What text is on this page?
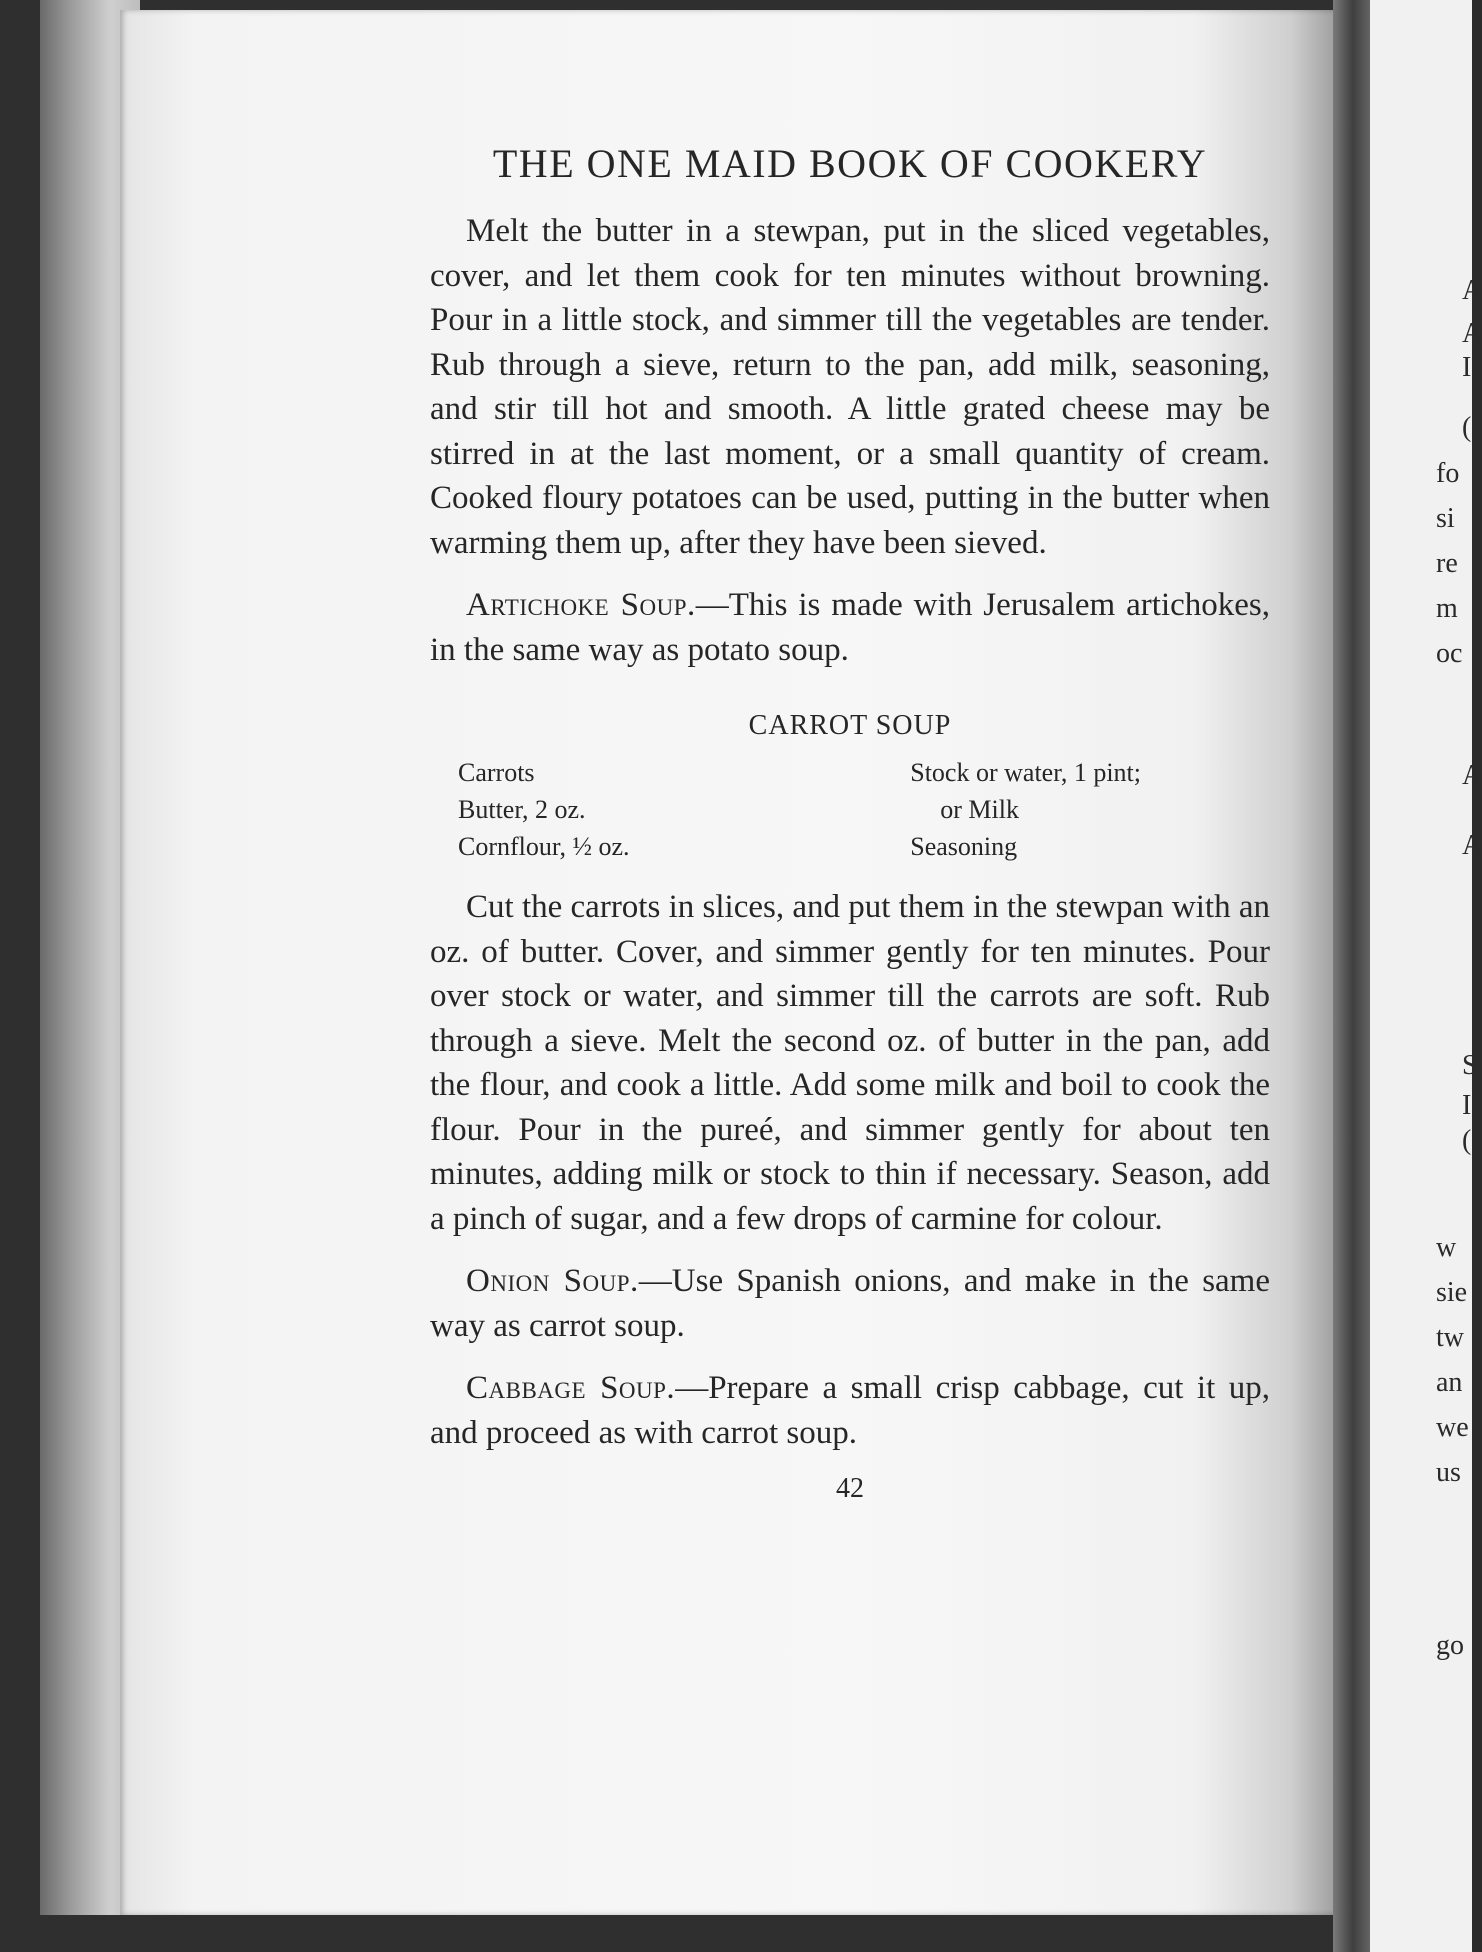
THE ONE MAID BOOK OF COOKERY

Melt the butter in a stewpan, put in the sliced vegetables, cover, and let them cook for ten minutes without browning. Pour in a little stock, and simmer till the vegetables are tender. Rub through a sieve, return to the pan, add milk, seasoning, and stir till hot and smooth. A little grated cheese may be stirred in at the last moment, or a small quantity of cream. Cooked floury potatoes can be used, putting in the butter when warming them up, after they have been sieved.

Artichoke Soup.—This is made with Jerusalem artichokes, in the same way as potato soup.

CARROT SOUP
Carrots
Butter, 2 oz.
Cornflour, ½ oz.
Stock or water, 1 pint;
or Milk
Seasoning

Cut the carrots in slices, and put them in the stewpan with an oz. of butter. Cover, and simmer gently for ten minutes. Pour over stock or water, and simmer till the carrots are soft. Rub through a sieve. Melt the second oz. of butter in the pan, add the flour, and cook a little. Add some milk and boil to cook the flour. Pour in the pureé, and simmer gently for about ten minutes, adding milk or stock to thin if necessary. Season, add a pinch of sugar, and a few drops of carmine for colour.

Onion Soup.—Use Spanish onions, and make in the same way as carrot soup.

Cabbage Soup.—Prepare a small crisp cabbage, cut it up, and proceed as with carrot soup.

42
A
A
I
(
fo
si
re
m
oc
A
A
S
I
(
w
sie
tw
an
we
us
go
